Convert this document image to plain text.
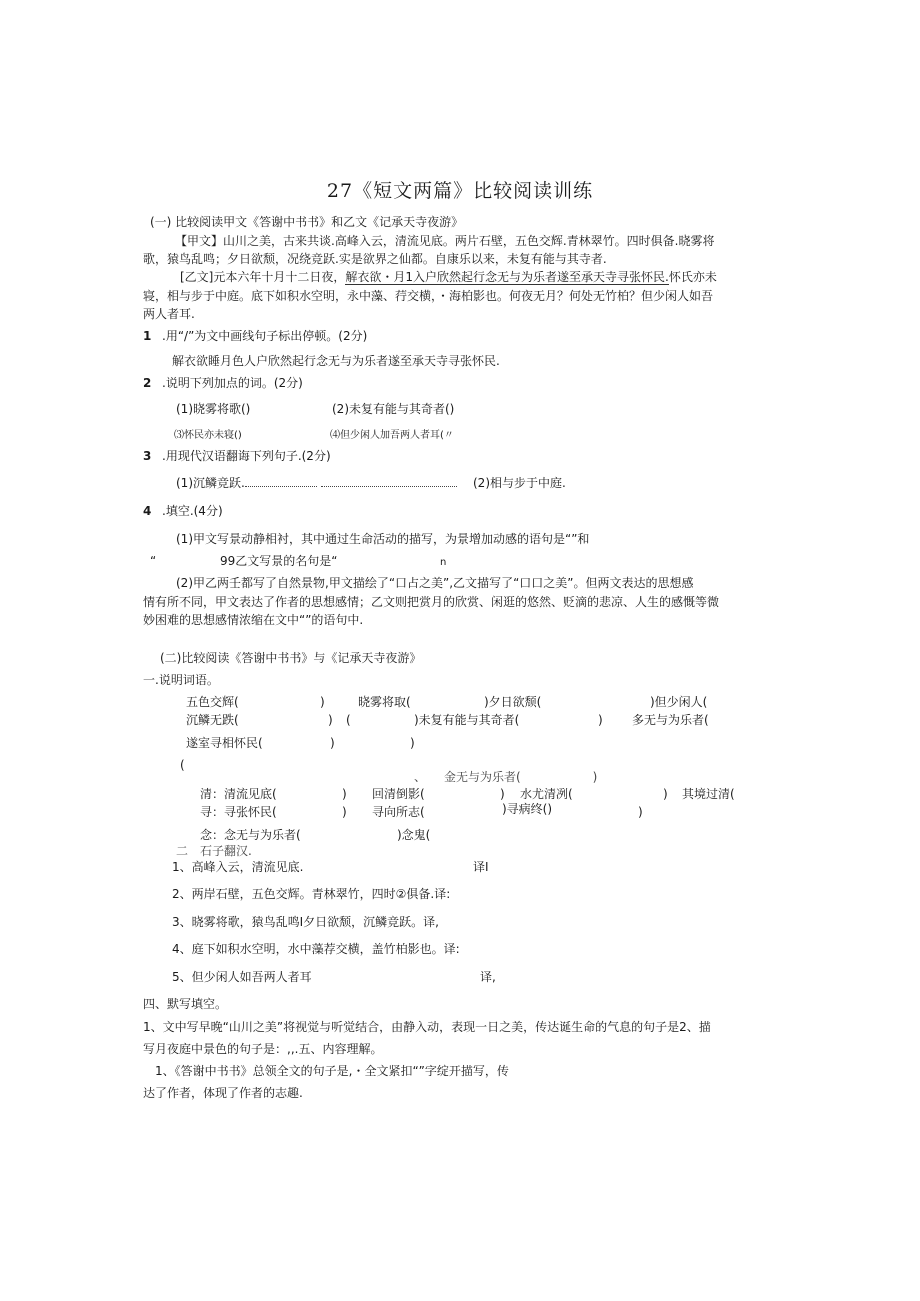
27《短文两篇》比较阅读训练
(一) 比较阅读甲文《答谢中书书》和乙文《记承天寺夜游》
【甲文】山川之美，古来共谈.高峰入云，清流见底。两片石壁，五色交辉.青林翠竹。四时俱备.晓雾将
歌，猿鸟乱鸣；夕日欲颓，况绕竞跃.实是欲界之仙都。自康乐以来，未复有能与其寺者.
[乙文]元本六年十月十二日夜，解衣欲・月1入户欣然起行念无与为乐者遂至承天寺寻张怀民.怀氏亦未
寝，相与步于中庭。底下如积水空明，永中藻、荇交横，・海柏影也。何夜无月？何处无竹柏？但少闲人如吾
两人者耳.
1 .用“/”为文中画线句子标出停顿。(2分)
解衣欲睡月色人户欣然起行念无与为乐者遂至承天寺寻张怀民.
2 .说明下列加点的词。(2分)
(1)晓雾将歌()	(2)未复有能与其奇者()
⑶怀民亦未寝()	⑷但少闲人加吾两人者耳(〃
3 .用现代汉语翻诲下列句子.(2分)
(1)沉鳞竞跃.	(2)相与步于中庭.
4 .填空.(4分)
(1)甲文写景动静相衬，其中通过生命活动的描写，为景增加动感的语句是“”和
“	99乙文写景的名句是“	n
(2)甲乙两壬都写了自然景物,甲文描绘了“口占之美”,乙文描写了“口口之美”。但两文表达的思想感
情有所不同，甲文表达了作者的思想感情；乙文则把赏月的欣赏、闲逛的悠然、贬滴的悲凉、人生的感慨等微
妙困难的思想感情浓缩在文中“”的语句中.
(二)比较阅读《答谢中书书》与《记承天寺夜游》
一.说明词语。
五色交辉(	)	晓雾将取(	)夕日欲颓(	)但少闲人(
沉鳞无跌(	) (	)未复有能与其奇者(	) 多无与为乐者(
遂室寻相怀民(	)	)
(
　　　　　　　　　　　　　　　　　　　、　　金无与为乐者(　　　　　　)
清：清流见底(	) 回清倒影(	) 水尤清冽(	) 其境过清(
寻：寻张怀民(	) 寻向所志(	)寻病终()	)
念：念无与为乐者(	)念鬼(
二　石子翻汉.
1、高峰入云，清流见底.	译I
2、两岸石壁，五色交辉。青林翠竹，四时②俱备.译:
3、晓雾将歌，猿鸟乱鸣I夕日欲颓，沉鳞竞跃。译,
4、庭下如积水空明，水中藻荐交横，盖竹柏影也。译:
5、但少闲人如吾两人者耳	译,
四、默写填空。
1、文中写早晚“山川之美”将视觉与听觉结合，由静入动，表现一日之美，传达诞生命的气息的句子是2、描
写月夜庭中景色的句子是：,,.五、内容理解。
1、《答谢中书书》总领全文的句子是,・全文紧扣“”字绽开描写，传
达了作者，体现了作者的志趣.
